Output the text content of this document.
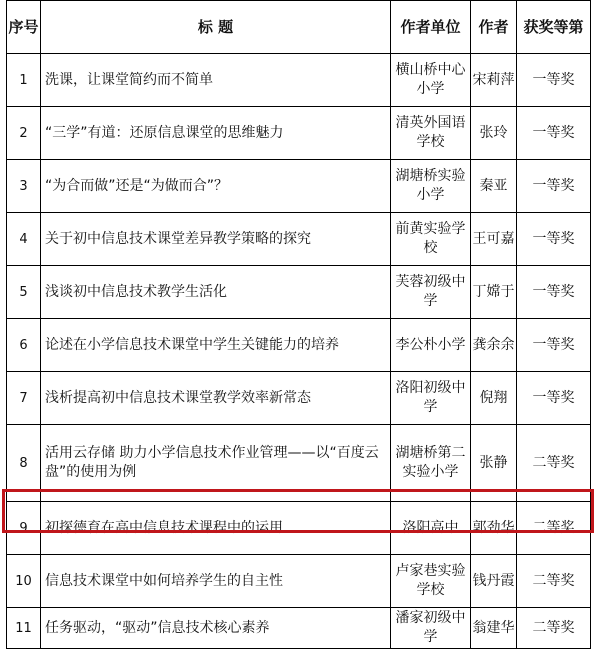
序号	标 题	作者单位	作者	获奖等第
1	洗课，让课堂简约而不简单	横山桥中心小学	宋莉萍	一等奖
2	“三学”有道：还原信息课堂的思维魅力	清英外国语学校	张玲	一等奖
3	“为合而做”还是“为做而合”？	湖塘桥实验小学	秦亚	一等奖
4	关于初中信息技术课堂差异教学策略的探究	前黄实验学校	王可嘉	一等奖
5	浅谈初中信息技术教学生活化	芙蓉初级中学	丁嫦于	一等奖
6	论述在小学信息技术课堂中学生关键能力的培养	李公朴小学	龚余余	一等奖
7	浅析提高初中信息技术课堂教学效率新常态	洛阳初级中学	倪翔	一等奖
8	活用云存储 助力小学信息技术作业管理——以“百度云盘”的使用为例	湖塘桥第二实验小学	张静	二等奖
9	初探德育在高中信息技术课程中的运用	洛阳高中	郭劲华	二等奖
10	信息技术课堂中如何培养学生的自主性	卢家巷实验学校	钱丹霞	二等奖
11	任务驱动，“驱动”信息技术核心素养	潘家初级中学	翁建华	二等奖
